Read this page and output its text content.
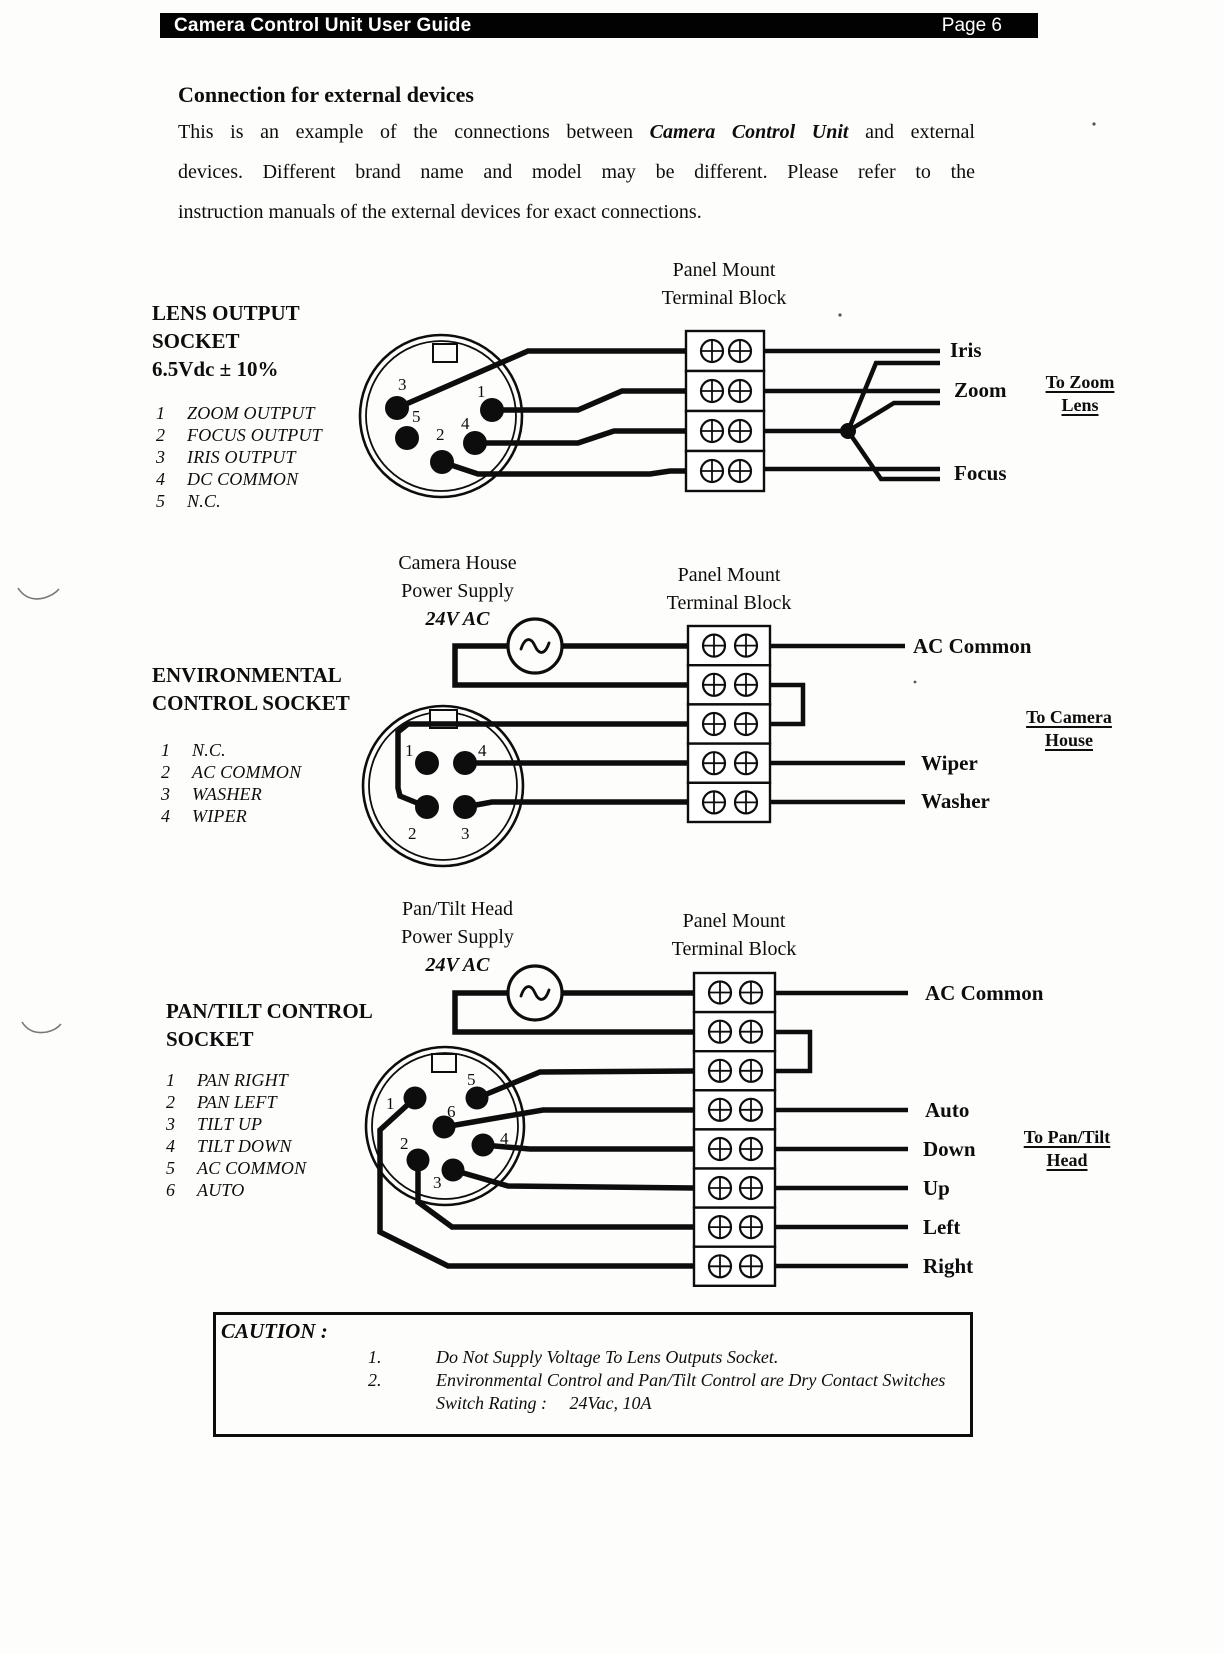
Camera Control Unit User Guide	Page 6
Connection for external devices
This is an example of the connections between Camera Control Unit and external
devices. Different brand name and model may be different. Please refer to the
instruction manuals of the external devices for exact connections.
LENS OUTPUT
SOCKET
6.5Vdc ± 10%
1	ZOOM OUTPUT
2	FOCUS OUTPUT
3	IRIS OUTPUT
4	DC COMMON
5	N.C.
Panel Mount
Terminal Block
3	1
5 4
2
Iris
Zoom
Focus
To Zoom
Lens
Camera House
Power Supply
24V AC
ENVIRONMENTAL
CONTROL SOCKET
1	N.C.
2	AC COMMON
3	WASHER
4	WIPER
Panel Mount
Terminal Block
1	4
2	3
AC Common
Wiper
Washer
To Camera
House
Pan/Tilt Head
Power Supply
24V AC
PAN/TILT CONTROL
SOCKET
1	PAN RIGHT
2	PAN LEFT
3	TILT UP
4	TILT DOWN
5	AC COMMON
6	AUTO
Panel Mount
Terminal Block
1
5
6
2	4
3
AC Common
Auto
Down
Up
Left
Right
To Pan/Tilt
Head
CAUTION :
1.	Do Not Supply Voltage To Lens Outputs Socket.
2.	Environmental Control and Pan/Tilt Control are Dry Contact Switches
Switch Rating :     24Vac, 10A
